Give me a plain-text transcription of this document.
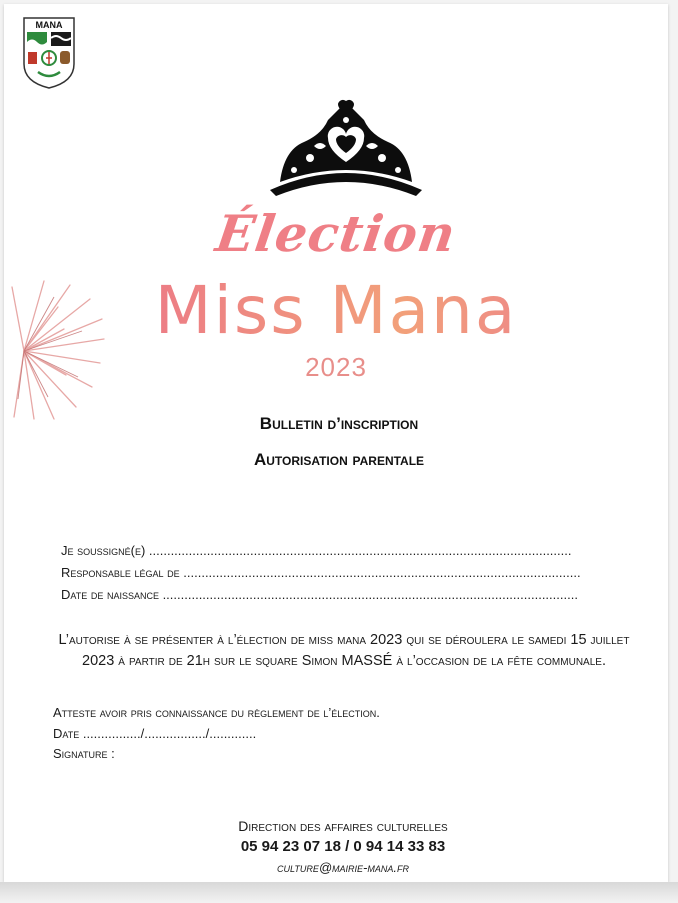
MANA
Élection
Miss Mana
2023
Bulletin d’inscription
Autorisation parentale
Je soussigné(e) .....................................................................................................................
Responsable légal de ..............................................................................................................
Date de naissance ...................................................................................................................
L’autorise à se présenter à l’élection de miss mana 2023 qui se déroulera le samedi 15 juillet
2023 à partir de 21h sur le square Simon MASSÉ à l’occasion de la fête communale.
Atteste avoir pris connaissance du règlement de l’élection.
Date ................/................./.............
Signature :
Direction des affaires culturelles
05 94 23 07 18 / 0 94 14 33 83
culture@mairie-mana.fr
